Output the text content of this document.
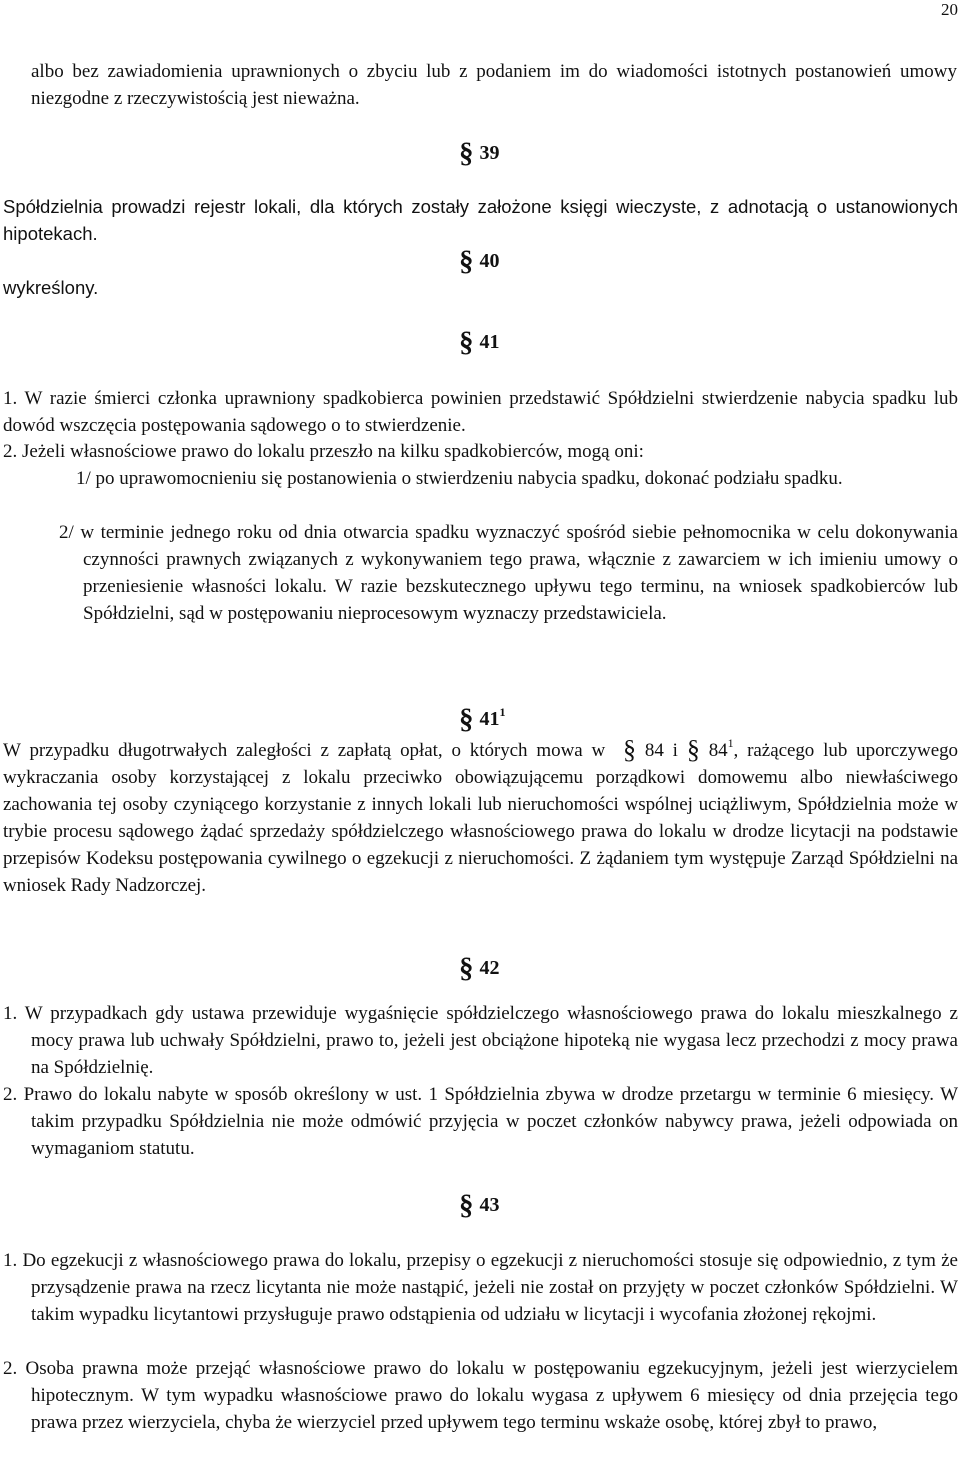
20

albo bez zawiadomienia uprawnionych o zbyciu lub z podaniem im do wiadomości istotnych postanowień umowy niezgodne z rzeczywistością jest nieważna.

§ 39

Spółdzielnia prowadzi rejestr lokali, dla których zostały założone księgi wieczyste, z adnotacją o ustanowionych hipotekach.

§ 40

wykreślony.

§ 41

1. W razie śmierci członka uprawniony spadkobierca powinien przedstawić Spółdzielni stwierdzenie nabycia spadku lub dowód wszczęcia postępowania sądowego o to stwierdzenie.

2. Jeżeli własnościowe prawo do lokalu przeszło na kilku spadkobierców, mogą oni:

1/ po uprawomocnieniu się postanowienia o stwierdzeniu nabycia spadku, dokonać podziału spadku.

2/ w terminie jednego roku od dnia otwarcia spadku wyznaczyć spośród siebie pełnomocnika w celu dokonywania czynności prawnych związanych z wykonywaniem tego prawa, włącznie z zawarciem w ich imieniu umowy o przeniesienie własności lokalu. W razie bezskutecznego upływu tego terminu, na wniosek spadkobierców lub Spółdzielni, sąd w postępowaniu nieprocesowym wyznaczy przedstawiciela.

§ $41^1$

W przypadku długotrwałych zaległości z zapłatą opłat, o których mowa w § 84 i § $84^1$, rażącego lub uporczywego wykraczania osoby korzystającej z lokalu przeciwko obowiązującemu porządkowi domowemu albo niewłaściwego zachowania tej osoby czyniącego korzystanie z innych lokali lub nieruchomości wspólnej uciążliwym, Spółdzielnia może w trybie procesu sądowego żądać sprzedaży spółdzielczego własnościowego prawa do lokalu w drodze licytacji na podstawie przepisów Kodeksu postępowania cywilnego o egzekucji z nieruchomości. Z żądaniem tym występuje Zarząd Spółdzielni na wniosek Rady Nadzorczej.

§ 42

1. W przypadkach gdy ustawa przewiduje wygaśnięcie spółdzielczego własnościowego prawa do lokalu mieszkalnego z mocy prawa lub uchwały Spółdzielni, prawo to, jeżeli jest obciążone hipoteką nie wygasa lecz przechodzi z mocy prawa na Spółdzielnię.

2. Prawo do lokalu nabyte w sposób określony w ust. 1 Spółdzielnia zbywa w drodze przetargu w terminie 6 miesięcy. W takim przypadku Spółdzielnia nie może odmówić przyjęcia w poczet członków nabywcy prawa, jeżeli odpowiada on wymaganiom statutu.

§ 43

1. Do egzekucji z własnościowego prawa do lokalu, przepisy o egzekucji z nieruchomości stosuje się odpowiednio, z tym że przysądzenie prawa na rzecz licytanta nie może nastąpić, jeżeli nie został on przyjęty w poczet członków Spółdzielni. W takim wypadku licytantowi przysługuje prawo odstąpienia od udziału w licytacji i wycofania złożonej rękojmi.

2. Osoba prawna może przejąć własnościowe prawo do lokalu w postępowaniu egzekucyjnym, jeżeli jest wierzycielem hipotecznym. W tym wypadku własnościowe prawo do lokalu wygasa z upływem 6 miesięcy od dnia przejęcia tego prawa przez wierzyciela, chyba że wierzyciel przed upływem tego terminu wskaże osobę, której zbył to prawo,
